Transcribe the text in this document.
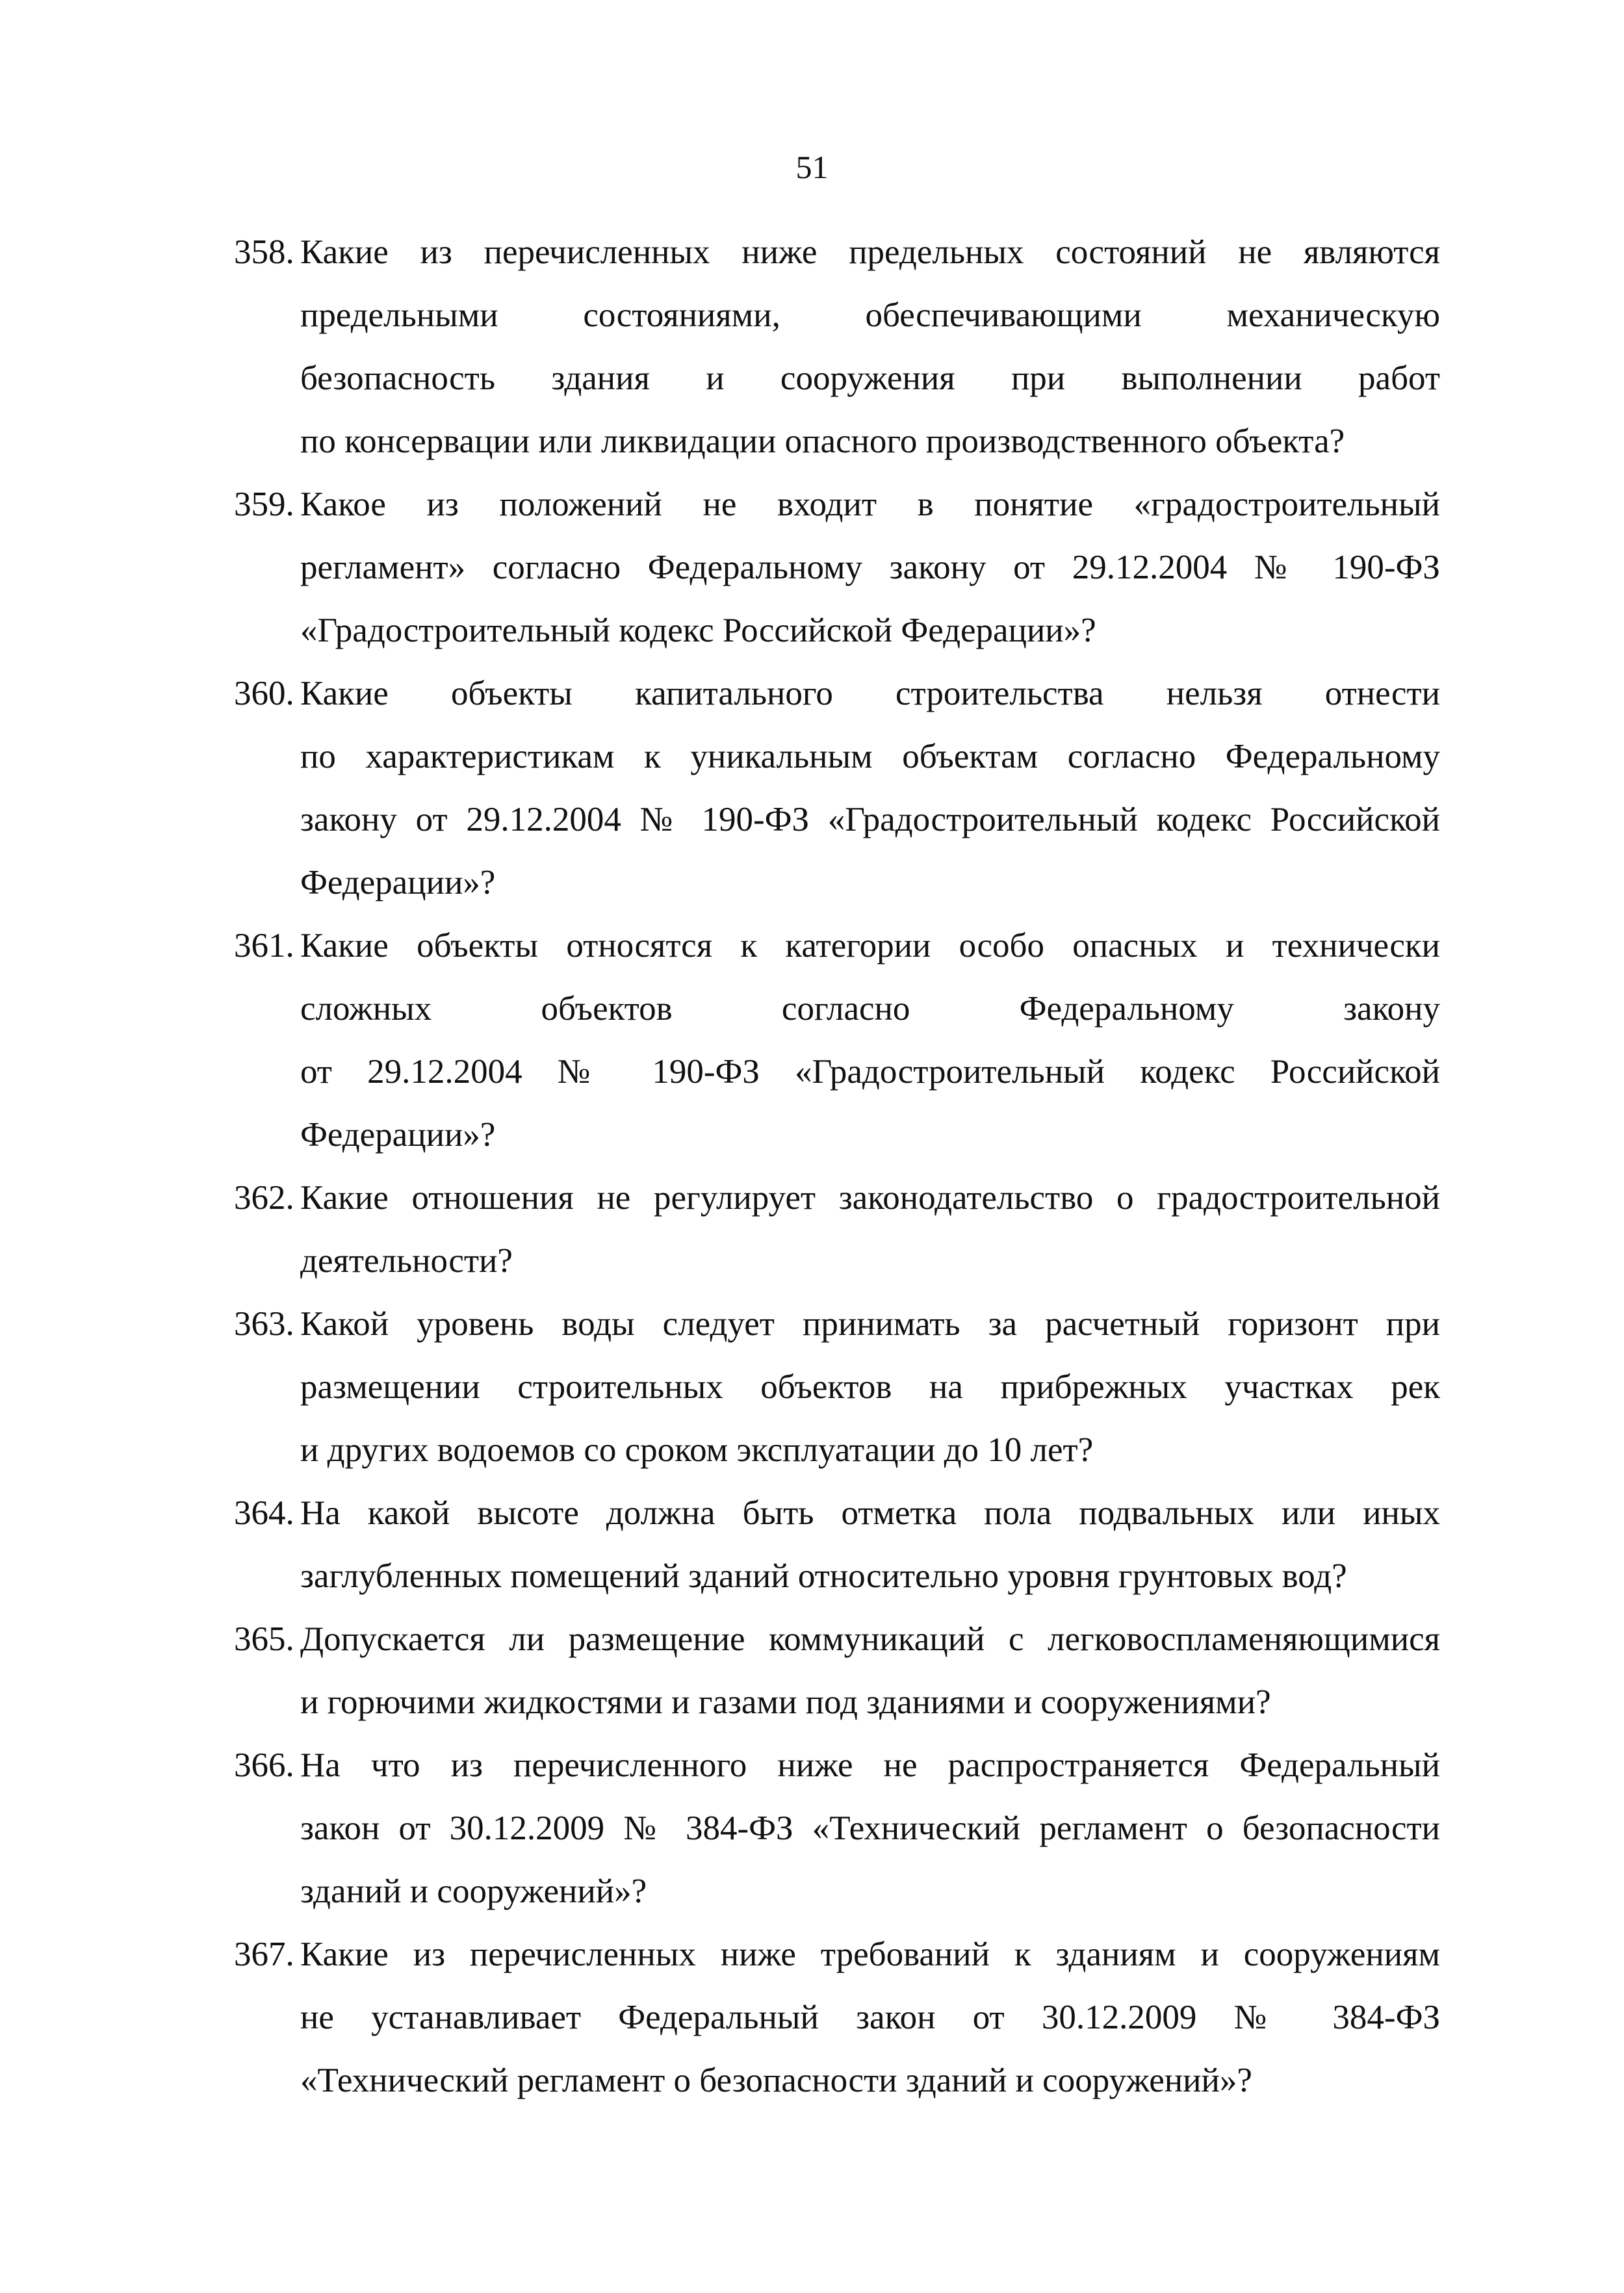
51
358. Какие из перечисленных ниже предельных состояний не являются
предельными состояниями, обеспечивающими механическую
безопасность здания и сооружения при выполнении работ
по консервации или ликвидации опасного производственного объекта?
359. Какое из положений не входит в понятие «градостроительный
регламент» согласно Федеральному закону от 29.12.2004 № 190-ФЗ
«Градостроительный кодекс Российской Федерации»?
360. Какие объекты капитального строительства нельзя отнести
по характеристикам к уникальным объектам согласно Федеральному
закону от 29.12.2004 № 190-ФЗ «Градостроительный кодекс Российской
Федерации»?
361. Какие объекты относятся к категории особо опасных и технически
сложных объектов согласно Федеральному закону
от 29.12.2004 № 190-ФЗ «Градостроительный кодекс Российской
Федерации»?
362. Какие отношения не регулирует законодательство о градостроительной
деятельности?
363. Какой уровень воды следует принимать за расчетный горизонт при
размещении строительных объектов на прибрежных участках рек
и других водоемов со сроком эксплуатации до 10 лет?
364. На какой высоте должна быть отметка пола подвальных или иных
заглубленных помещений зданий относительно уровня грунтовых вод?
365. Допускается ли размещение коммуникаций с легковоспламеняющимися
и горючими жидкостями и газами под зданиями и сооружениями?
366. На что из перечисленного ниже не распространяется Федеральный
закон от 30.12.2009 № 384-ФЗ «Технический регламент о безопасности
зданий и сооружений»?
367. Какие из перечисленных ниже требований к зданиям и сооружениям
не устанавливает Федеральный закон от 30.12.2009 № 384-ФЗ
«Технический регламент о безопасности зданий и сооружений»?
